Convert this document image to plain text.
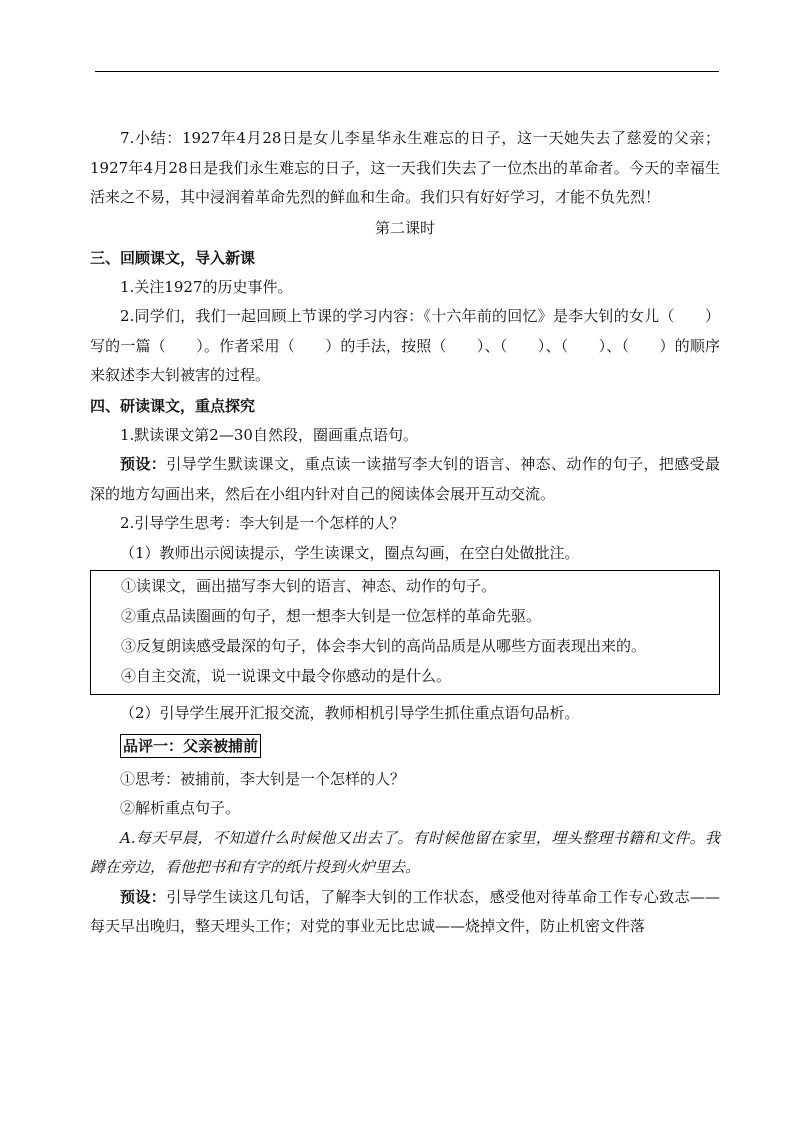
7.小结：1927年4月28日是女儿李星华永生难忘的日子，这一天她失去了慈爱的父亲；1927年4月28日是我们永生难忘的日子，这一天我们失去了一位杰出的革命者。今天的幸福生活来之不易，其中浸润着革命先烈的鲜血和生命。我们只有好好学习，才能不负先烈！

第二课时

三、回顾课文，导入新课

1.关注1927的历史事件。

2.同学们，我们一起回顾上节课的学习内容：《十六年前的回忆》是李大钊的女儿（　　）写的一篇（　　）。作者采用（　　）的手法，按照（　　）、（　　）、（　　）、（　　）的顺序来叙述李大钊被害的过程。

四、研读课文，重点探究

1.默读课文第2—30自然段，圈画重点语句。

预设：引导学生默读课文，重点读一读描写李大钊的语言、神态、动作的句子，把感受最深的地方勾画出来，然后在小组内针对自己的阅读体会展开互动交流。

2.引导学生思考：李大钊是一个怎样的人？

（1）教师出示阅读提示，学生读课文，圈点勾画，在空白处做批注。

①读课文，画出描写李大钊的语言、神态、动作的句子。

②重点品读圈画的句子，想一想李大钊是一位怎样的革命先驱。

③反复朗读感受最深的句子，体会李大钊的高尚品质是从哪些方面表现出来的。

④自主交流，说一说课文中最令你感动的是什么。

（2）引导学生展开汇报交流，教师相机引导学生抓住重点语句品析。

品评一：父亲被捕前

①思考：被捕前，李大钊是一个怎样的人？

②解析重点句子。

A.每天早晨，不知道什么时候他又出去了。有时候他留在家里，埋头整理书籍和文件。我蹲在旁边，看他把书和有字的纸片投到火炉里去。

预设：引导学生读这几句话，了解李大钊的工作状态，感受他对待革命工作专心致志——每天早出晚归，整天埋头工作；对党的事业无比忠诚——烧掉文件，防止机密文件落
